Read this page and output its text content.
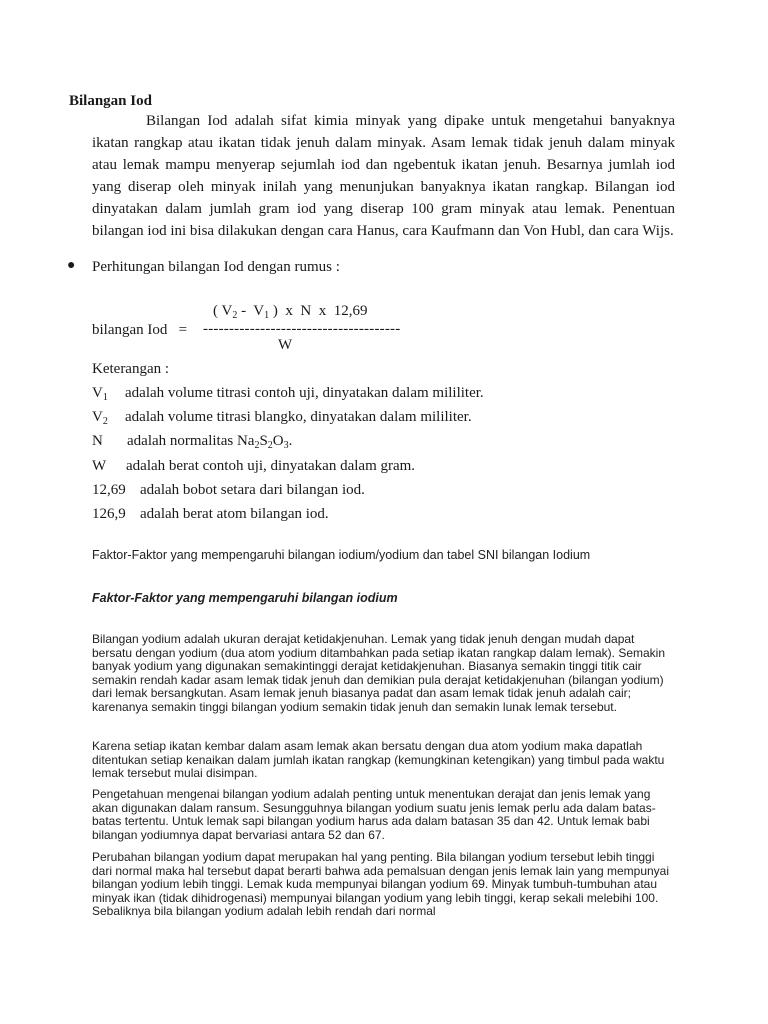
Bilangan Iod

Bilangan Iod adalah sifat kimia minyak yang dipake untuk mengetahui banyaknya ikatan rangkap atau ikatan tidak jenuh dalam minyak. Asam lemak tidak jenuh dalam minyak atau lemak mampu menyerap sejumlah iod dan ngebentuk ikatan jenuh. Besarnya jumlah iod yang diserap oleh minyak inilah yang menunjukan banyaknya ikatan rangkap. Bilangan iod dinyatakan dalam jumlah gram iod yang diserap 100 gram minyak atau lemak. Penentuan bilangan iod ini bisa dilakukan dengan cara Hanus, cara Kaufmann dan Von Hubl, dan cara Wijs.

● Perhitungan bilangan Iod dengan rumus :
( $V_2 - V_1$ )  x  N  x  12,69
bilangan Iod   = --------------------------------------
W
Keterangan :
$V_1$ adalah volume titrasi contoh uji, dinyatakan dalam mililiter.
$V_2$ adalah volume titrasi blangko, dinyatakan dalam mililiter.
N adalah normalitas $Na_2S_2O_3$.
W adalah berat contoh uji, dinyatakan dalam gram.
12,69 adalah bobot setara dari bilangan iod.
126,9 adalah berat atom bilangan iod.
Faktor-Faktor yang mempengaruhi bilangan iodium/yodium dan tabel SNI bilangan Iodium
Faktor-Faktor yang mempengaruhi bilangan iodium

Bilangan yodium adalah ukuran derajat ketidakjenuhan. Lemak yang tidak jenuh dengan mudah dapat bersatu dengan yodium (dua atom yodium ditambahkan pada setiap ikatan rangkap dalam lemak). Semakin banyak yodium yang digunakan semakintinggi derajat ketidakjenuhan. Biasanya semakin tinggi titik cair semakin rendah kadar asam lemak tidak jenuh dan demikian pula derajat ketidakjenuhan (bilangan yodium) dari lemak bersangkutan. Asam lemak jenuh biasanya padat dan asam lemak tidak jenuh adalah cair; karenanya semakin tinggi bilangan yodium semakin tidak jenuh dan semakin lunak lemak tersebut.

Karena setiap ikatan kembar dalam asam lemak akan bersatu dengan dua atom yodium maka dapatlah ditentukan setiap kenaikan dalam jumlah ikatan rangkap (kemungkinan ketengikan) yang timbul pada waktu lemak tersebut mulai disimpan.

Pengetahuan mengenai bilangan yodium adalah penting untuk menentukan derajat dan jenis lemak yang akan digunakan dalam ransum. Sesungguhnya bilangan yodium suatu jenis lemak perlu ada dalam batas-batas tertentu. Untuk lemak sapi bilangan yodium harus ada dalam batasan 35 dan 42. Untuk lemak babi bilangan yodiumnya dapat bervariasi antara 52 dan 67.

Perubahan bilangan yodium dapat merupakan hal yang penting. Bila bilangan yodium tersebut lebih tinggi dari normal maka hal tersebut dapat berarti bahwa ada pemalsuan dengan jenis lemak lain yang mempunyai bilangan yodium lebih tinggi. Lemak kuda mempunyai bilangan yodium 69. Minyak tumbuh-tumbuhan atau minyak ikan (tidak dihidrogenasi) mempunyai bilangan yodium yang lebih tinggi, kerap sekali melebihi 100. Sebaliknya bila bilangan yodium adalah lebih rendah dari normal
